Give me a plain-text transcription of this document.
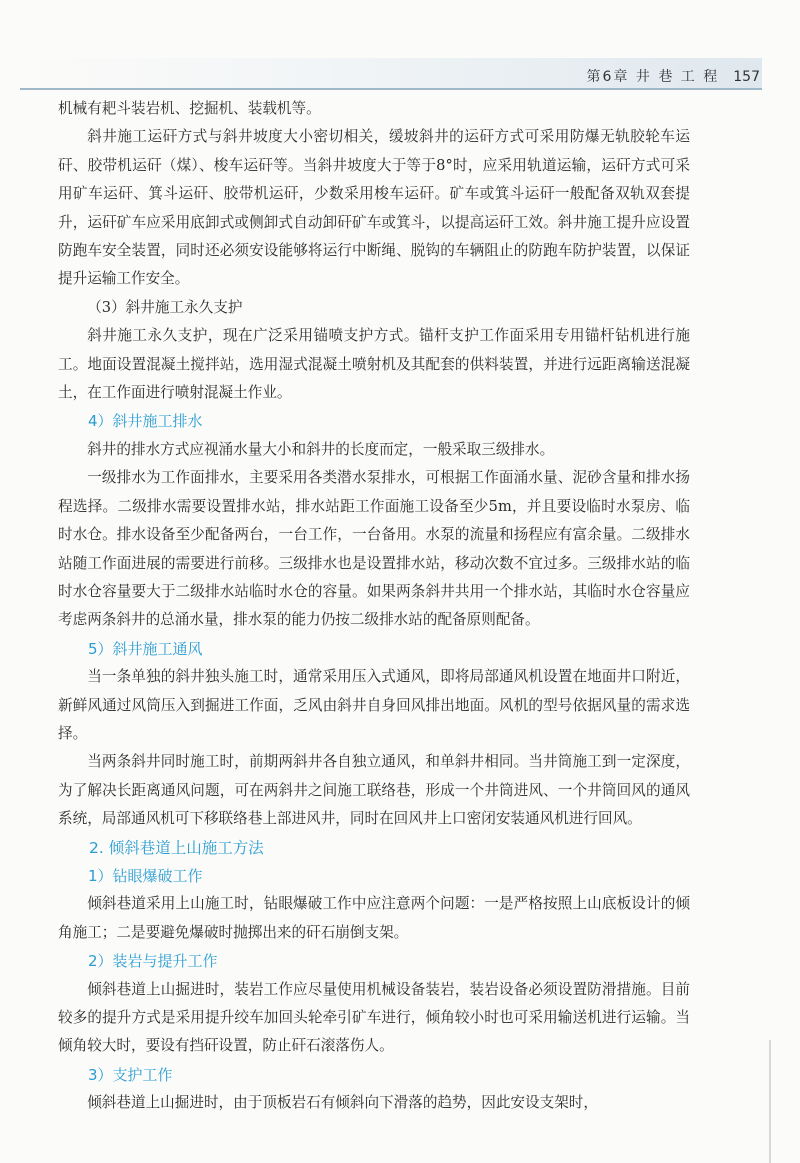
第6章 井 巷 工 程 157

机械有耙斗装岩机、挖掘机、装载机等。

斜井施工运矸方式与斜井坡度大小密切相关，缓坡斜井的运矸方式可采用防爆无轨胶轮车运矸、胶带机运矸（煤）、梭车运矸等。当斜井坡度大于等于8°时，应采用轨道运输，运矸方式可采用矿车运矸、箕斗运矸、胶带机运矸，少数采用梭车运矸。矿车或箕斗运矸一般配备双轨双套提升，运矸矿车应采用底卸式或侧卸式自动卸矸矿车或箕斗，以提高运矸工效。斜井施工提升应设置防跑车安全装置，同时还必须安设能够将运行中断绳、脱钩的车辆阻止的防跑车防护装置，以保证提升运输工作安全。

（3）斜井施工永久支护

斜井施工永久支护，现在广泛采用锚喷支护方式。锚杆支护工作面采用专用锚杆钻机进行施工。地面设置混凝土搅拌站，选用湿式混凝土喷射机及其配套的供料装置，并进行远距离输送混凝土，在工作面进行喷射混凝土作业。

4）斜井施工排水

斜井的排水方式应视涌水量大小和斜井的长度而定，一般采取三级排水。

一级排水为工作面排水，主要采用各类潜水泵排水，可根据工作面涌水量、泥砂含量和排水扬程选择。二级排水需要设置排水站，排水站距工作面施工设备至少5m，并且要设临时水泵房、临时水仓。排水设备至少配备两台，一台工作，一台备用。水泵的流量和扬程应有富余量。二级排水站随工作面进展的需要进行前移。三级排水也是设置排水站，移动次数不宜过多。三级排水站的临时水仓容量要大于二级排水站临时水仓的容量。如果两条斜井共用一个排水站，其临时水仓容量应考虑两条斜井的总涌水量，排水泵的能力仍按二级排水站的配备原则配备。

5）斜井施工通风

当一条单独的斜井独头施工时，通常采用压入式通风，即将局部通风机设置在地面井口附近，新鲜风通过风筒压入到掘进工作面，乏风由斜井自身回风排出地面。风机的型号依据风量的需求选择。

当两条斜井同时施工时，前期两斜井各自独立通风，和单斜井相同。当井筒施工到一定深度，为了解决长距离通风问题，可在两斜井之间施工联络巷，形成一个井筒进风、一个井筒回风的通风系统，局部通风机可下移联络巷上部进风井，同时在回风井上口密闭安装通风机进行回风。

2. 倾斜巷道上山施工方法
1）钻眼爆破工作

倾斜巷道采用上山施工时，钻眼爆破工作中应注意两个问题：一是严格按照上山底板设计的倾角施工；二是要避免爆破时抛掷出来的矸石崩倒支架。

2）装岩与提升工作

倾斜巷道上山掘进时，装岩工作应尽量使用机械设备装岩，装岩设备必须设置防滑措施。目前较多的提升方式是采用提升绞车加回头轮牵引矿车进行，倾角较小时也可采用输送机进行运输。当倾角较大时，要设有挡矸设置，防止矸石滚落伤人。

3）支护工作

倾斜巷道上山掘进时，由于顶板岩石有倾斜向下滑落的趋势，因此安设支架时，
